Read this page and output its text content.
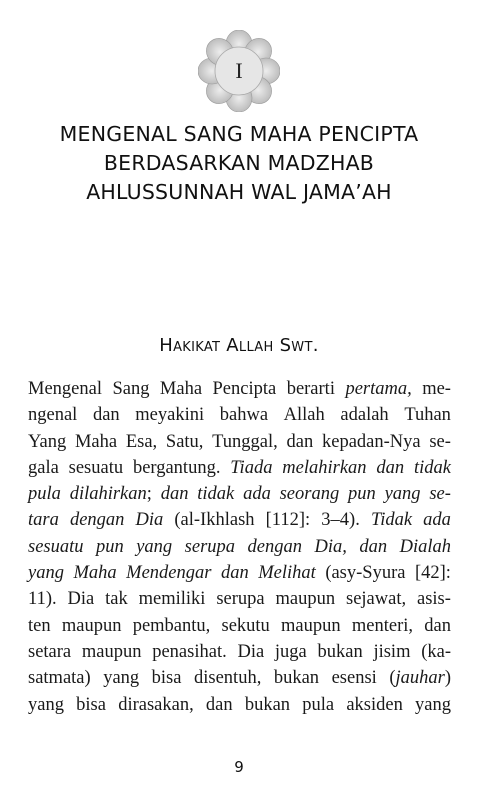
I
MENGENAL SANG MAHA PENCIPTA
BERDASARKAN MADZHAB
AHLUSSUNNAH WAL JAMA’AH
Hakikat Allah Swt.
Mengenal Sang Maha Pencipta berarti pertama, me-
ngenal dan meyakini bahwa Allah adalah Tuhan
Yang Maha Esa, Satu, Tunggal, dan kepadan-Nya se-
gala sesuatu bergantung. Tiada melahirkan dan tidak
pula dilahirkan; dan tidak ada seorang pun yang se-
tara dengan Dia (al-Ikhlash [112]: 3–4). Tidak ada
sesuatu pun yang serupa dengan Dia, dan Dialah
yang Maha Mendengar dan Melihat (asy-Syura [42]:
11). Dia tak memiliki serupa maupun sejawat, asis-
ten maupun pembantu, sekutu maupun menteri, dan
setara maupun penasihat. Dia juga bukan jisim (ka-
satmata) yang bisa disentuh, bukan esensi (jauhar)
yang bisa dirasakan, dan bukan pula aksiden yang
9
